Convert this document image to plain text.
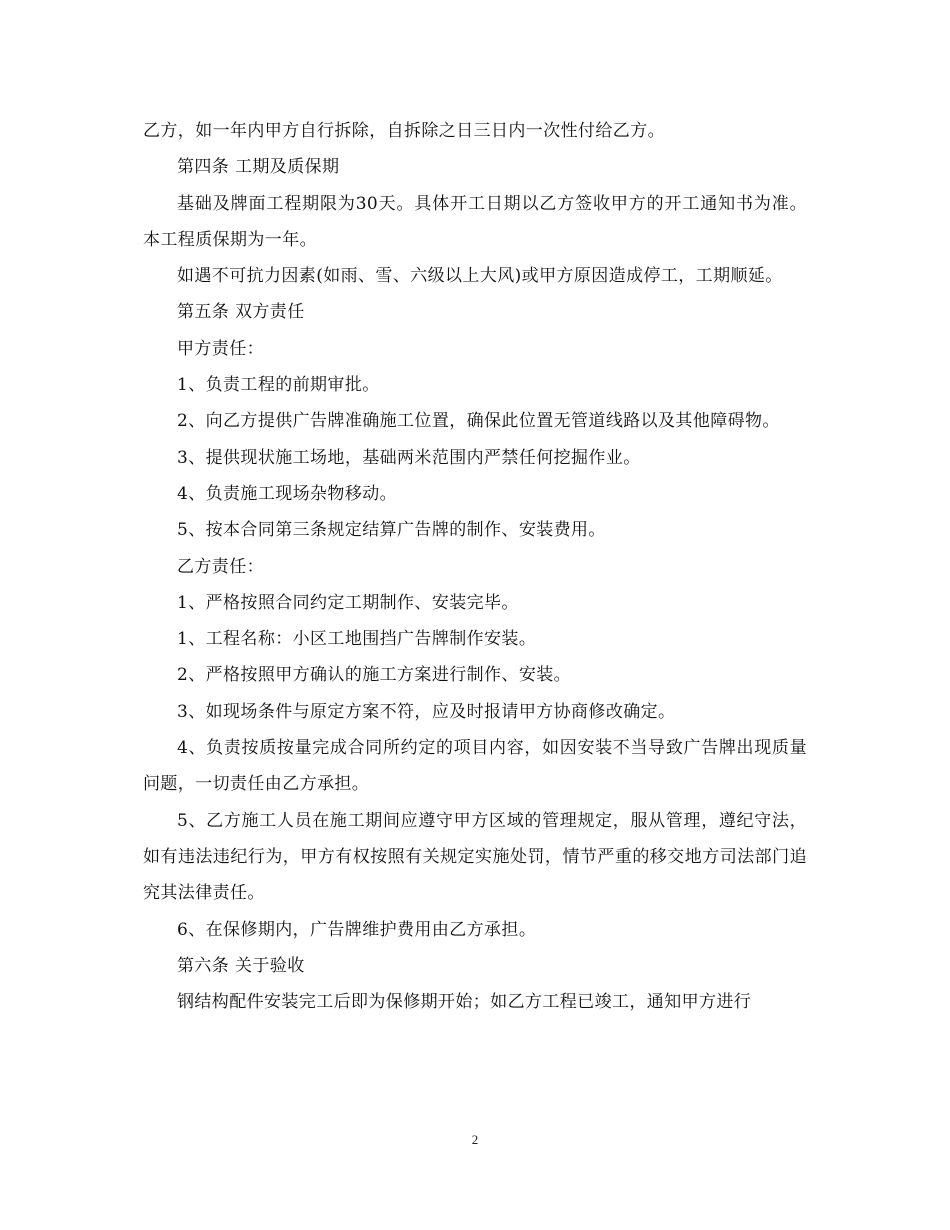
乙方，如一年内甲方自行拆除，自拆除之日三日内一次性付给乙方。

第四条 工期及质保期

基础及牌面工程期限为30天。具体开工日期以乙方签收甲方的开工通知书为准。本工程质保期为一年。

如遇不可抗力因素(如雨、雪、六级以上大风)或甲方原因造成停工，工期顺延。

第五条 双方责任

甲方责任：

1、负责工程的前期审批。

2、向乙方提供广告牌准确施工位置，确保此位置无管道线路以及其他障碍物。

3、提供现状施工场地，基础两米范围内严禁任何挖掘作业。

4、负责施工现场杂物移动。

5、按本合同第三条规定结算广告牌的制作、安装费用。

乙方责任：

1、严格按照合同约定工期制作、安装完毕。

1、工程名称：小区工地围挡广告牌制作安装。

2、严格按照甲方确认的施工方案进行制作、安装。

3、如现场条件与原定方案不符，应及时报请甲方协商修改确定。

4、负责按质按量完成合同所约定的项目内容，如因安装不当导致广告牌出现质量问题，一切责任由乙方承担。

5、乙方施工人员在施工期间应遵守甲方区域的管理规定，服从管理，遵纪守法，如有违法违纪行为，甲方有权按照有关规定实施处罚，情节严重的移交地方司法部门追究其法律责任。

6、在保修期内，广告牌维护费用由乙方承担。

第六条 关于验收

钢结构配件安装完工后即为保修期开始；如乙方工程已竣工，通知甲方进行

2
